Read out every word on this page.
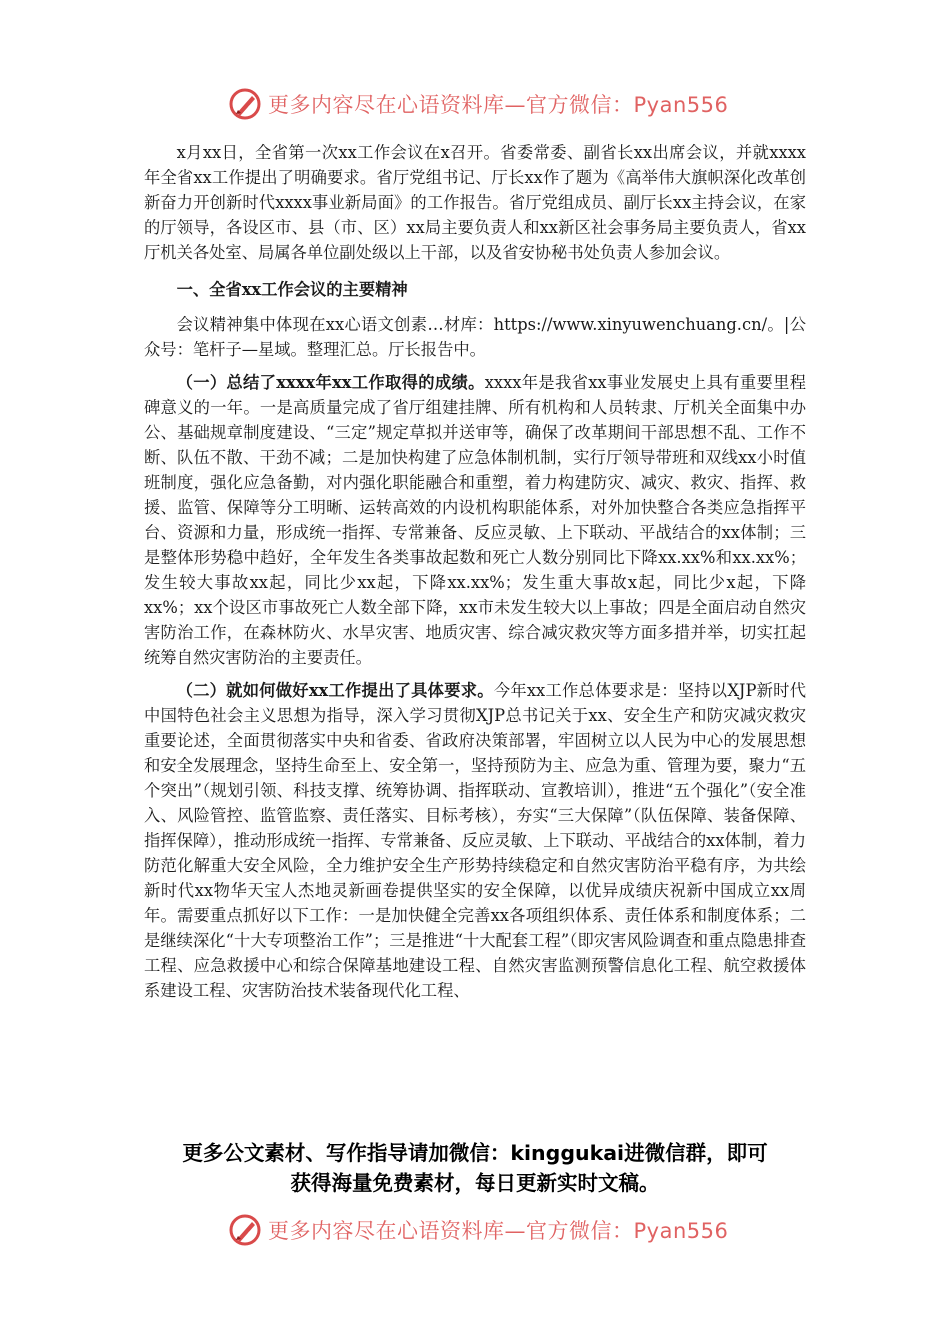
更多内容尽在心语资料库—官方微信：Pyan556

x月xx日，全省第一次xx工作会议在x召开。省委常委、副省长xx出席会议，并就xxxx年全省xx工作提出了明确要求。省厅党组书记、厅长xx作了题为《高举伟大旗帜深化改革创新奋力开创新时代xxxx事业新局面》的工作报告。省厅党组成员、副厅长xx主持会议，在家的厅领导，各设区市、县（市、区）xx局主要负责人和xx新区社会事务局主要负责人，省xx厅机关各处室、局属各单位副处级以上干部，以及省安协秘书处负责人参加会议。

一、全省xx工作会议的主要精神

会议精神集中体现在xx心语文创素…材库：https://www.xinyuwenchuang.cn/。|公众号：笔杆子—星域。整理汇总。厅长报告中。

（一）总结了xxxx年xx工作取得的成绩。xxxx年是我省xx事业发展史上具有重要里程碑意义的一年。一是高质量完成了省厅组建挂牌、所有机构和人员转隶、厅机关全面集中办公、基础规章制度建设、“三定”规定草拟并送审等，确保了改革期间干部思想不乱、工作不断、队伍不散、干劲不减；二是加快构建了应急体制机制，实行厅领导带班和双线xx小时值班制度，强化应急备勤，对内强化职能融合和重塑，着力构建防灾、减灾、救灾、指挥、救援、监管、保障等分工明晰、运转高效的内设机构职能体系，对外加快整合各类应急指挥平台、资源和力量，形成统一指挥、专常兼备、反应灵敏、上下联动、平战结合的xx体制；三是整体形势稳中趋好，全年发生各类事故起数和死亡人数分别同比下降xx.xx%和xx.xx%；发生较大事故xx起，同比少xx起，下降xx.xx%；发生重大事故x起，同比少x起，下降xx%；xx个设区市事故死亡人数全部下降，xx市未发生较大以上事故；四是全面启动自然灾害防治工作，在森林防火、水旱灾害、地质灾害、综合减灾救灾等方面多措并举，切实扛起统筹自然灾害防治的主要责任。

（二）就如何做好xx工作提出了具体要求。今年xx工作总体要求是：坚持以XJP新时代中国特色社会主义思想为指导，深入学习贯彻XJP总书记关于xx、安全生产和防灾减灾救灾重要论述，全面贯彻落实中央和省委、省政府决策部署，牢固树立以人民为中心的发展思想和安全发展理念，坚持生命至上、安全第一，坚持预防为主、应急为重、管理为要，聚力“五个突出”（规划引领、科技支撑、统筹协调、指挥联动、宣教培训），推进“五个强化”（安全准入、风险管控、监管监察、责任落实、目标考核），夯实“三大保障”（队伍保障、装备保障、指挥保障），推动形成统一指挥、专常兼备、反应灵敏、上下联动、平战结合的xx体制，着力防范化解重大安全风险，全力维护安全生产形势持续稳定和自然灾害防治平稳有序，为共绘新时代xx物华天宝人杰地灵新画卷提供坚实的安全保障，以优异成绩庆祝新中国成立xx周年。需要重点抓好以下工作：一是加快健全完善xx各项组织体系、责任体系和制度体系；二是继续深化“十大专项整治工作”；三是推进“十大配套工程”（即灾害风险调查和重点隐患排查工程、应急救援中心和综合保障基地建设工程、自然灾害监测预警信息化工程、航空救援体系建设工程、灾害防治技术装备现代化工程、

更多公文素材、写作指导请加微信：kinggukai进微信群，即可
获得海量免费素材，每日更新实时文稿。
更多内容尽在心语资料库—官方微信：Pyan556
